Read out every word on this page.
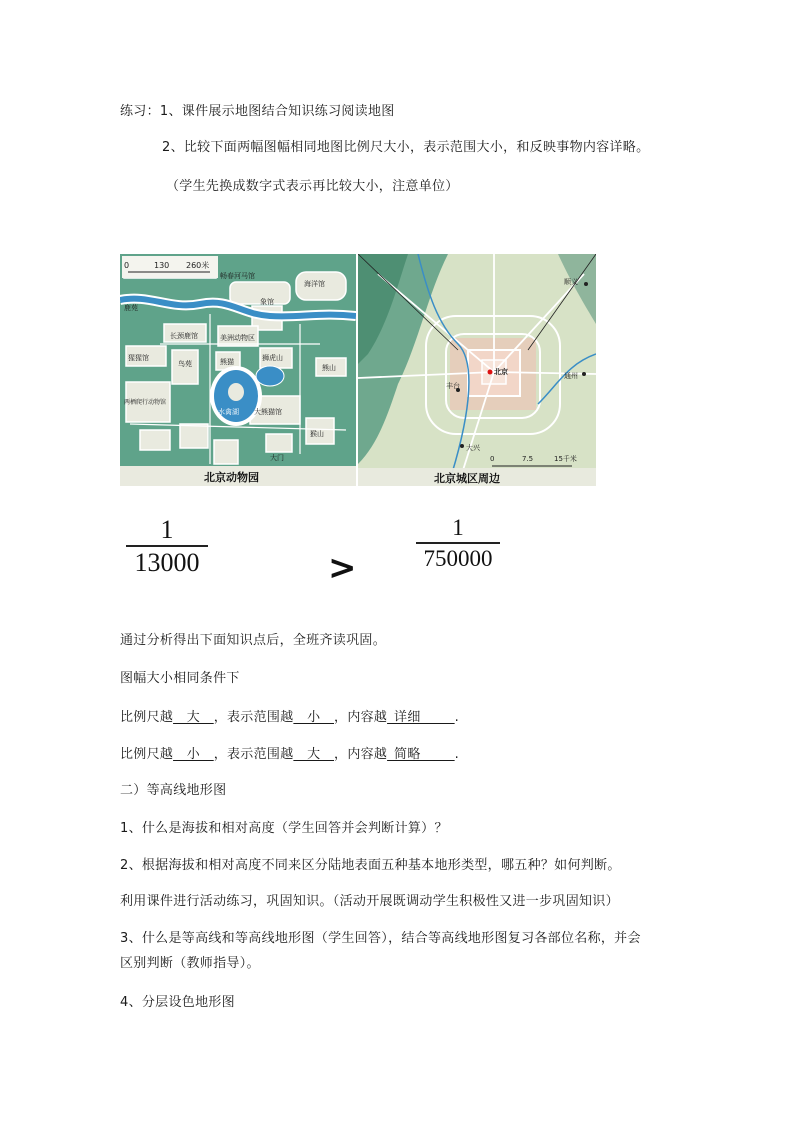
练习：1、课件展示地图结合知识练习阅读地图
2、比较下面两幅图幅相同地图比例尺大小，表示范围大小，和反映事物内容详略。
（学生先换成数字式表示再比较大小，注意单位）
0	130 260米
鹿苑
畅春河马馆
海洋馆
象馆
长颈鹿馆	美洲动物区
猩猩馆
鸟苑	熊猫	狮虎山
熊山
两栖爬行动物馆
水禽湖 大熊猫馆
猴山
大门
北京动物园
顺义
北京	通州
丰台
大兴
0	7.5	15千米
北京城区周边
1
13000	>
1
750000
通过分析得出下面知识点后，全班齐读巩固。
图幅大小相同条件下
比例尺越__大__，表示范围越__小__，内容越_详细_____.
比例尺越__小__，表示范围越__大__，内容越_简略_____.
二）等高线地形图
1、什么是海拔和相对高度（学生回答并会判断计算）？
2、根据海拔和相对高度不同来区分陆地表面五种基本地形类型，哪五种？如何判断。
利用课件进行活动练习，巩固知识。（活动开展既调动学生积极性又进一步巩固知识）
3、什么是等高线和等高线地形图（学生回答），结合等高线地形图复习各部位名称，并会
区别判断（教师指导）。
4、分层设色地形图
